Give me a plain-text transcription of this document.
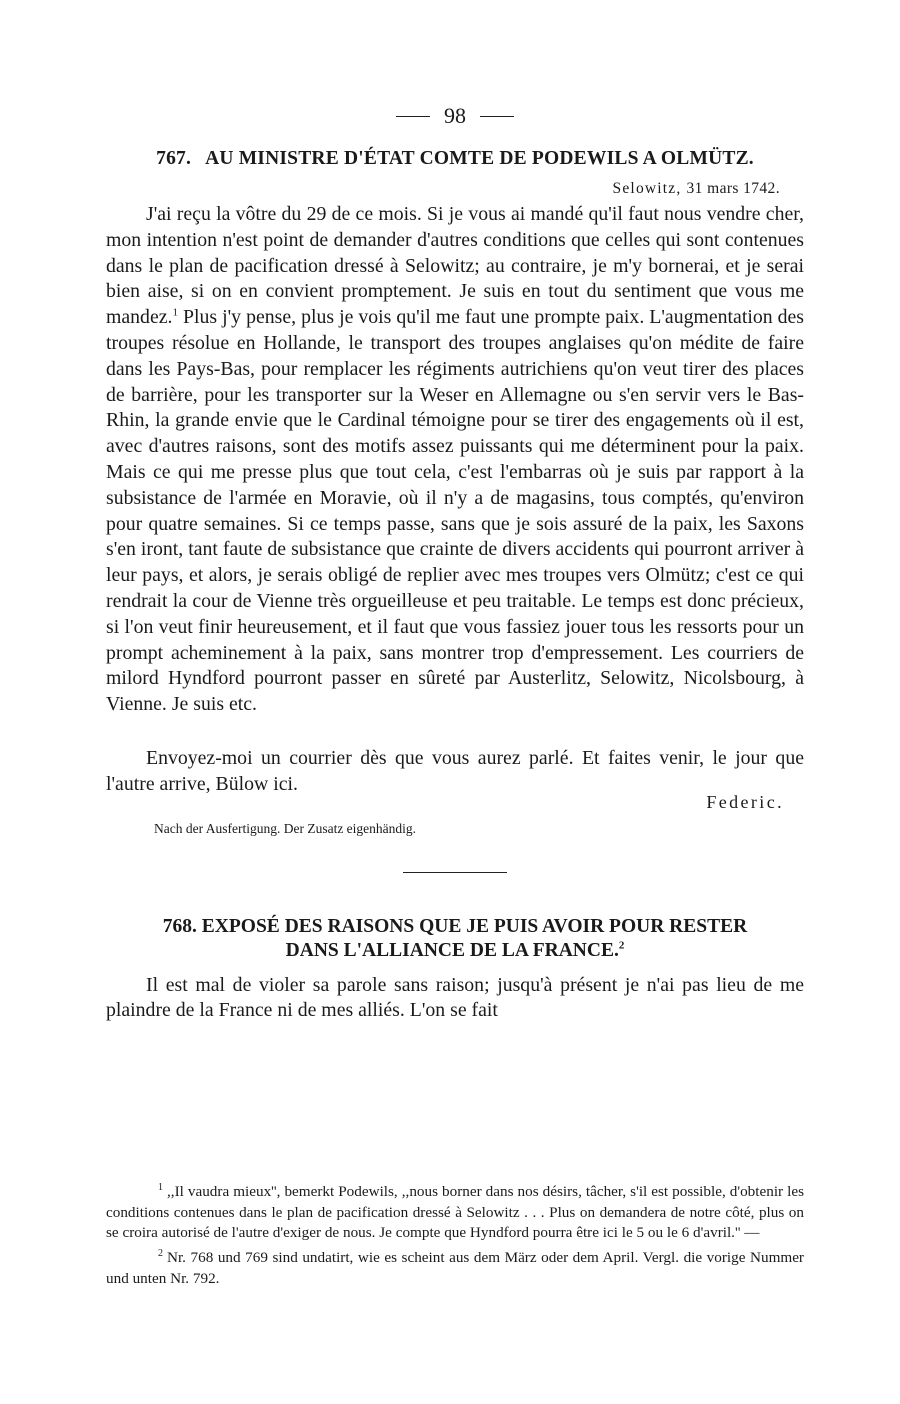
98
767. AU MINISTRE D'ÉTAT COMTE DE PODEWILS A OLMÜTZ.
Selowitz, 31 mars 1742.

J'ai reçu la vôtre du 29 de ce mois. Si je vous ai mandé qu'il faut nous vendre cher, mon intention n'est point de demander d'autres conditions que celles qui sont contenues dans le plan de pacification dressé à Selowitz; au contraire, je m'y bornerai, et je serai bien aise, si on en convient promptement. Je suis en tout du sentiment que vous me mandez.$^1$ Plus j'y pense, plus je vois qu'il me faut une prompte paix. L'augmentation des troupes résolue en Hollande, le transport des troupes anglaises qu'on médite de faire dans les Pays-Bas, pour remplacer les régiments autrichiens qu'on veut tirer des places de barrière, pour les transporter sur la Weser en Allemagne ou s'en servir vers le Bas-Rhin, la grande envie que le Cardinal témoigne pour se tirer des engagements où il est, avec d'autres raisons, sont des motifs assez puissants qui me déterminent pour la paix. Mais ce qui me presse plus que tout cela, c'est l'embarras où je suis par rapport à la subsistance de l'armée en Moravie, où il n'y a de magasins, tous comptés, qu'environ pour quatre semaines. Si ce temps passe, sans que je sois assuré de la paix, les Saxons s'en iront, tant faute de subsistance que crainte de divers accidents qui pourront arriver à leur pays, et alors, je serais obligé de replier avec mes troupes vers Olmütz; c'est ce qui rendrait la cour de Vienne très orgueilleuse et peu traitable. Le temps est donc précieux, si l'on veut finir heureusement, et il faut que vous fassiez jouer tous les ressorts pour un prompt acheminement à la paix, sans montrer trop d'empressement. Les courriers de milord Hyndford pourront passer en sûreté par Austerlitz, Selowitz, Nicolsbourg, à Vienne. Je suis etc.

Envoyez-moi un courrier dès que vous aurez parlé. Et faites venir, le jour que l'autre arrive, Bülow ici.

Federic.
Nach der Ausfertigung. Der Zusatz eigenhändig.
768. EXPOSÉ DES RAISONS QUE JE PUIS AVOIR POUR RESTER
DANS L'ALLIANCE DE LA FRANCE.$^2$

Il est mal de violer sa parole sans raison; jusqu'à présent je n'ai pas lieu de me plaindre de la France ni de mes alliés. L'on se fait

$^1$ ,,Il vaudra mieux'', bemerkt Podewils, ,,nous borner dans nos désirs, tâcher, s'il est possible, d'obtenir les conditions contenues dans le plan de pacification dressé à Selowitz . . . Plus on demandera de notre côté, plus on se croira autorisé de l'autre d'exiger de nous. Je compte que Hyndford pourra être ici le 5 ou le 6 d'avril.'' —

$^2$ Nr. 768 und 769 sind undatirt, wie es scheint aus dem März oder dem April. Vergl. die vorige Nummer und unten Nr. 792.
